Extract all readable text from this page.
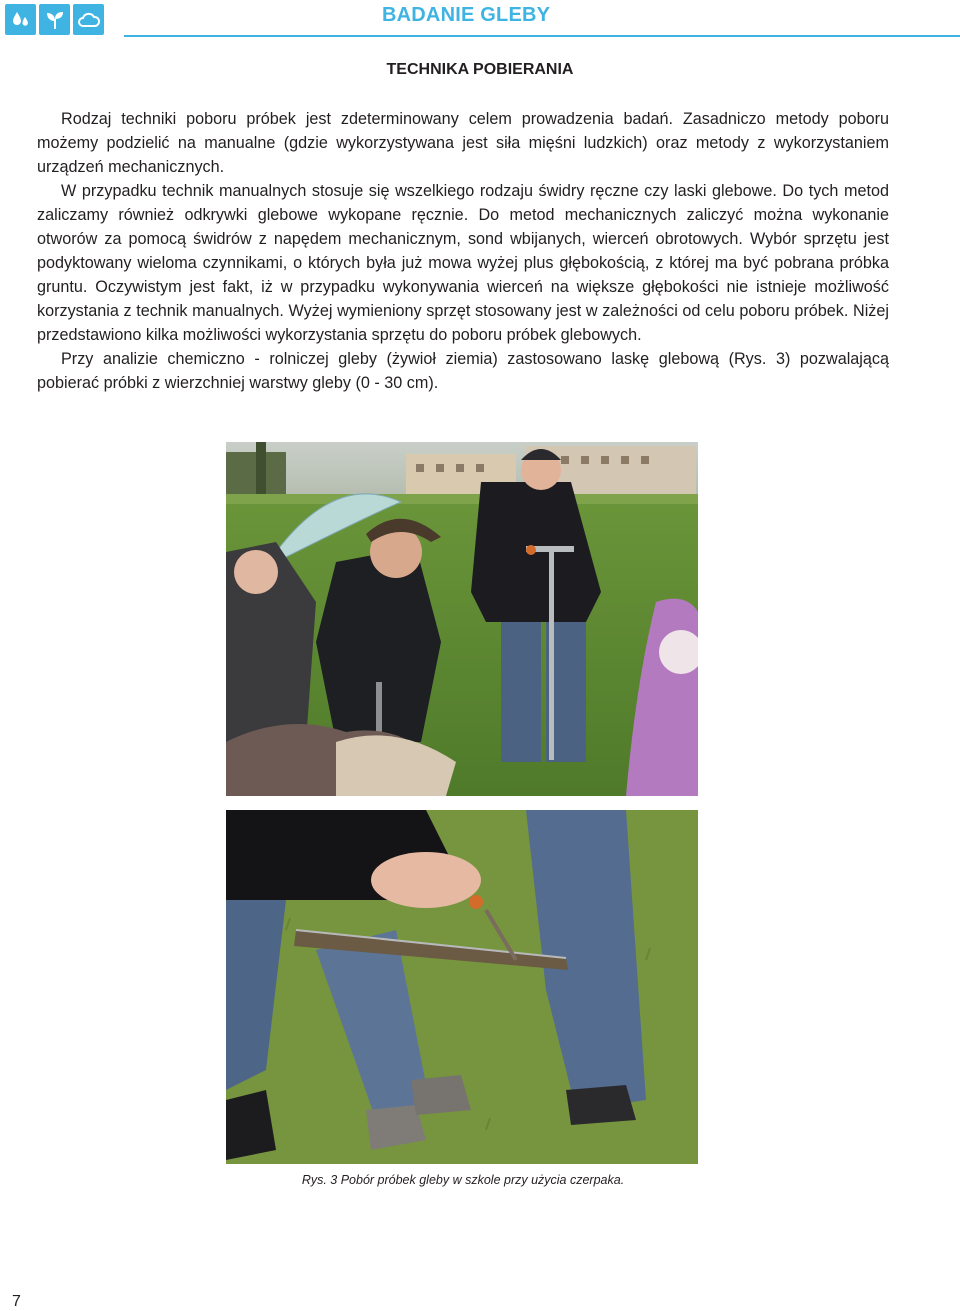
BADANIE GLEBY
TECHNIKA POBIERANIA

Rodzaj techniki poboru próbek jest zdeterminowany celem prowadzenia badań. Zasadniczo metody poboru możemy podzielić na manualne (gdzie wykorzystywana jest siła mięśni ludzkich) oraz metody z wykorzystaniem urządzeń mechanicznych.

W przypadku technik manualnych stosuje się wszelkiego rodzaju świdry ręczne czy laski glebowe. Do tych metod zaliczamy również odkrywki glebowe wykopane ręcznie. Do metod mechanicznych zaliczyć można wykonanie otworów za pomocą świdrów z napędem mechanicznym, sond wbijanych, wierceń obrotowych. Wybór sprzętu jest podyktowany wieloma czynnikami, o których była już mowa wyżej plus głębokością, z której ma być pobrana próbka gruntu. Oczywistym jest fakt, iż w przypadku wykonywania wierceń na większe głębokości nie istnieje możliwość korzystania z technik manualnych. Wyżej wymieniony sprzęt stosowany jest w zależności od celu poboru próbek. Niżej przedstawiono kilka możliwości wykorzystania sprzętu do poboru próbek glebowych.

Przy analizie chemiczno - rolniczej gleby (żywioł ziemia) zastosowano laskę glebową (Rys. 3) pozwalającą pobierać próbki z wierzchniej warstwy gleby (0 - 30 cm).

Rys. 3 Pobór próbek gleby w szkole przy użycia czerpaka.
7
